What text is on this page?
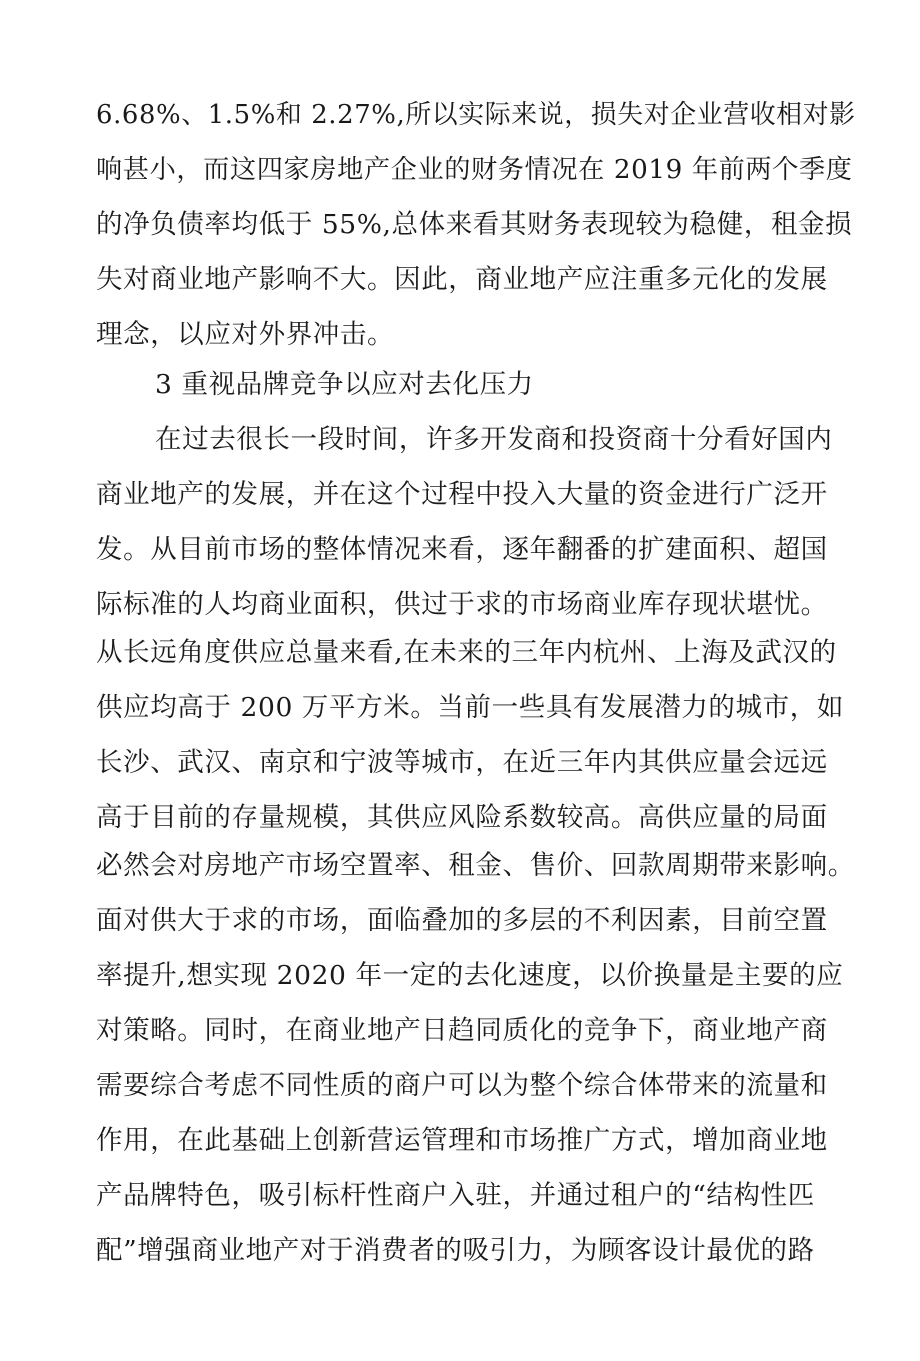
6.68%、1.5%和 2.27%,所以实际来说，损失对企业营收相对影
响甚小，而这四家房地产企业的财务情况在 2019 年前两个季度
的净负债率均低于 55%,总体来看其财务表现较为稳健，租金损
失对商业地产影响不大。因此，商业地产应注重多元化的发展
理念，以应对外界冲击。
3 重视品牌竞争以应对去化压力
在过去很长一段时间，许多开发商和投资商十分看好国内
商业地产的发展，并在这个过程中投入大量的资金进行广泛开
发。从目前市场的整体情况来看，逐年翻番的扩建面积、超国
际标准的人均商业面积，供过于求的市场商业库存现状堪忧。
从长远角度供应总量来看,在未来的三年内杭州、上海及武汉的
供应均高于 200 万平方米。当前一些具有发展潜力的城市，如
长沙、武汉、南京和宁波等城市，在近三年内其供应量会远远
高于目前的存量规模，其供应风险系数较高。高供应量的局面
必然会对房地产市场空置率、租金、售价、回款周期带来影响。
面对供大于求的市场，面临叠加的多层的不利因素，目前空置
率提升,想实现 2020 年一定的去化速度，以价换量是主要的应
对策略。同时，在商业地产日趋同质化的竞争下，商业地产商
需要综合考虑不同性质的商户可以为整个综合体带来的流量和
作用，在此基础上创新营运管理和市场推广方式，增加商业地
产品牌特色，吸引标杆性商户入驻，并通过租户的“结构性匹
配”增强商业地产对于消费者的吸引力，为顾客设计最优的路
